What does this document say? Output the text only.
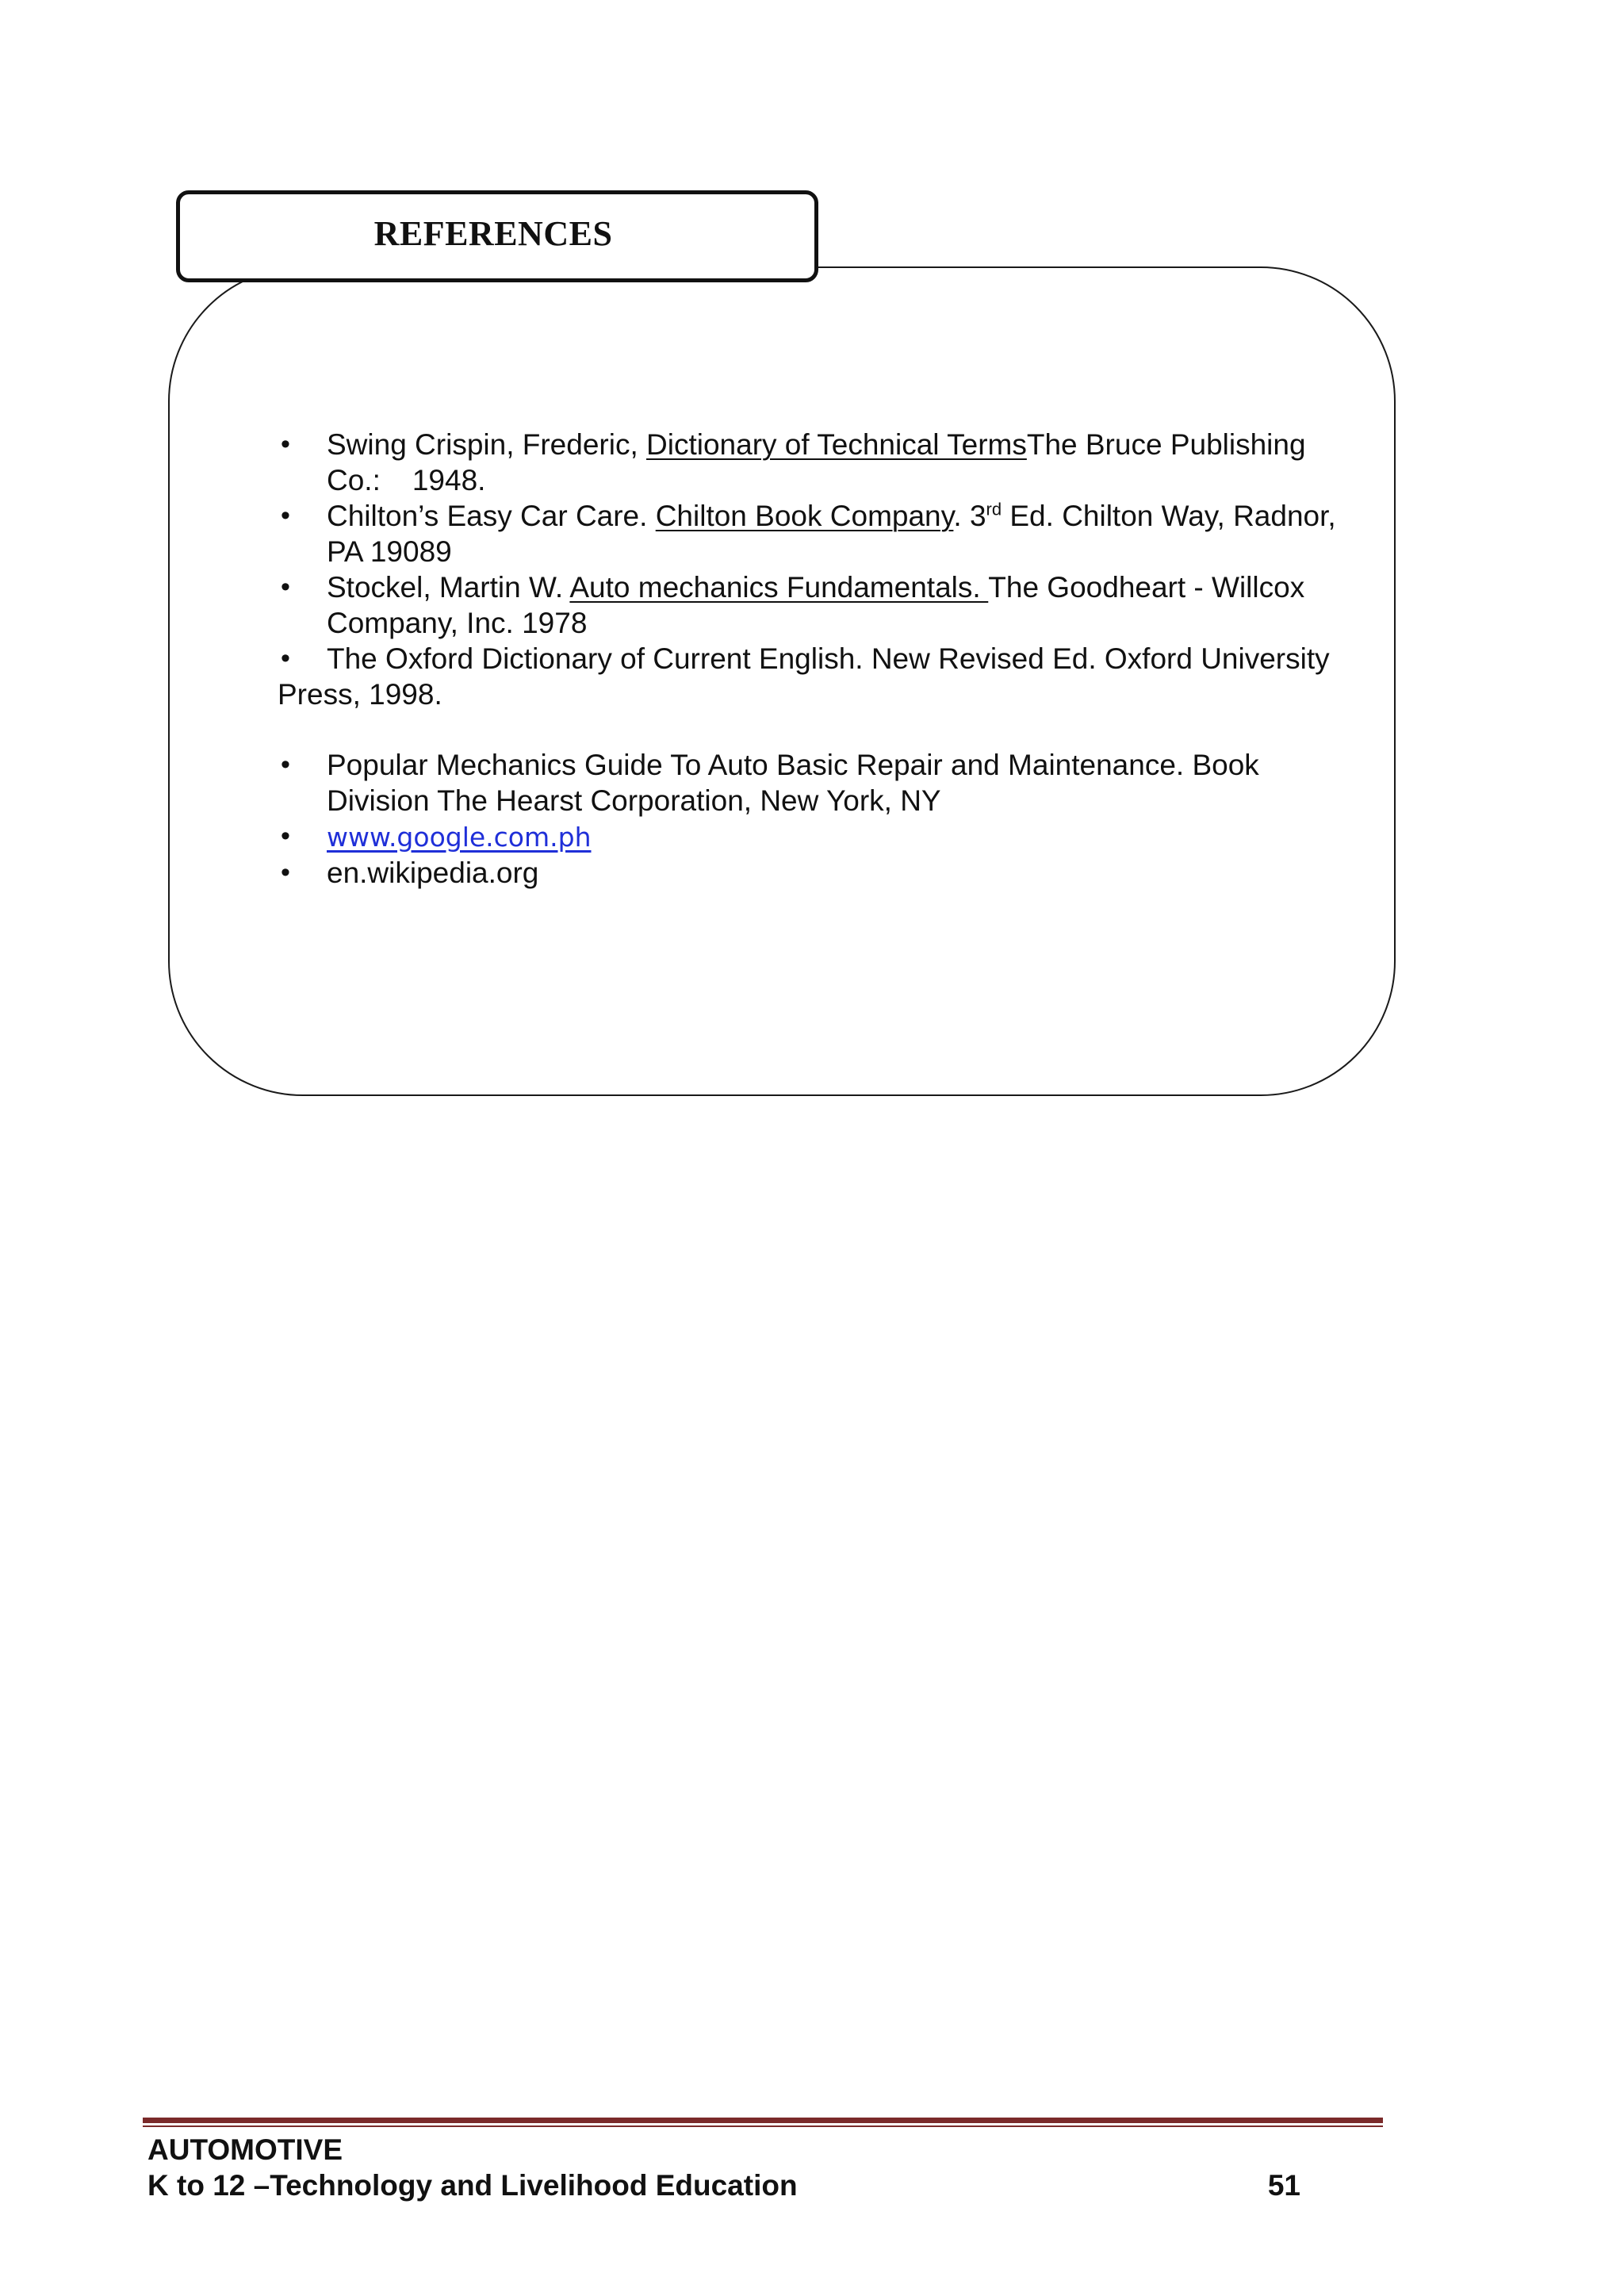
REFERENCES
• Swing Crispin, Frederic, Dictionary of Technical TermsThe Bruce Publishing Co.: 1948.
• Chilton’s Easy Car Care. Chilton Book Company. 3rd Ed. Chilton Way, Radnor, PA 19089
• Stockel, Martin W. Auto mechanics Fundamentals. The Goodheart - Willcox Company, Inc. 1978
• The Oxford Dictionary of Current English. New Revised Ed. Oxford University
Press, 1998.
• Popular Mechanics Guide To Auto Basic Repair and Maintenance. Book Division The Hearst Corporation, New York, NY
• www.google.com.ph
• en.wikipedia.org
AUTOMOTIVE
K to 12 –Technology and Livelihood Education	51
